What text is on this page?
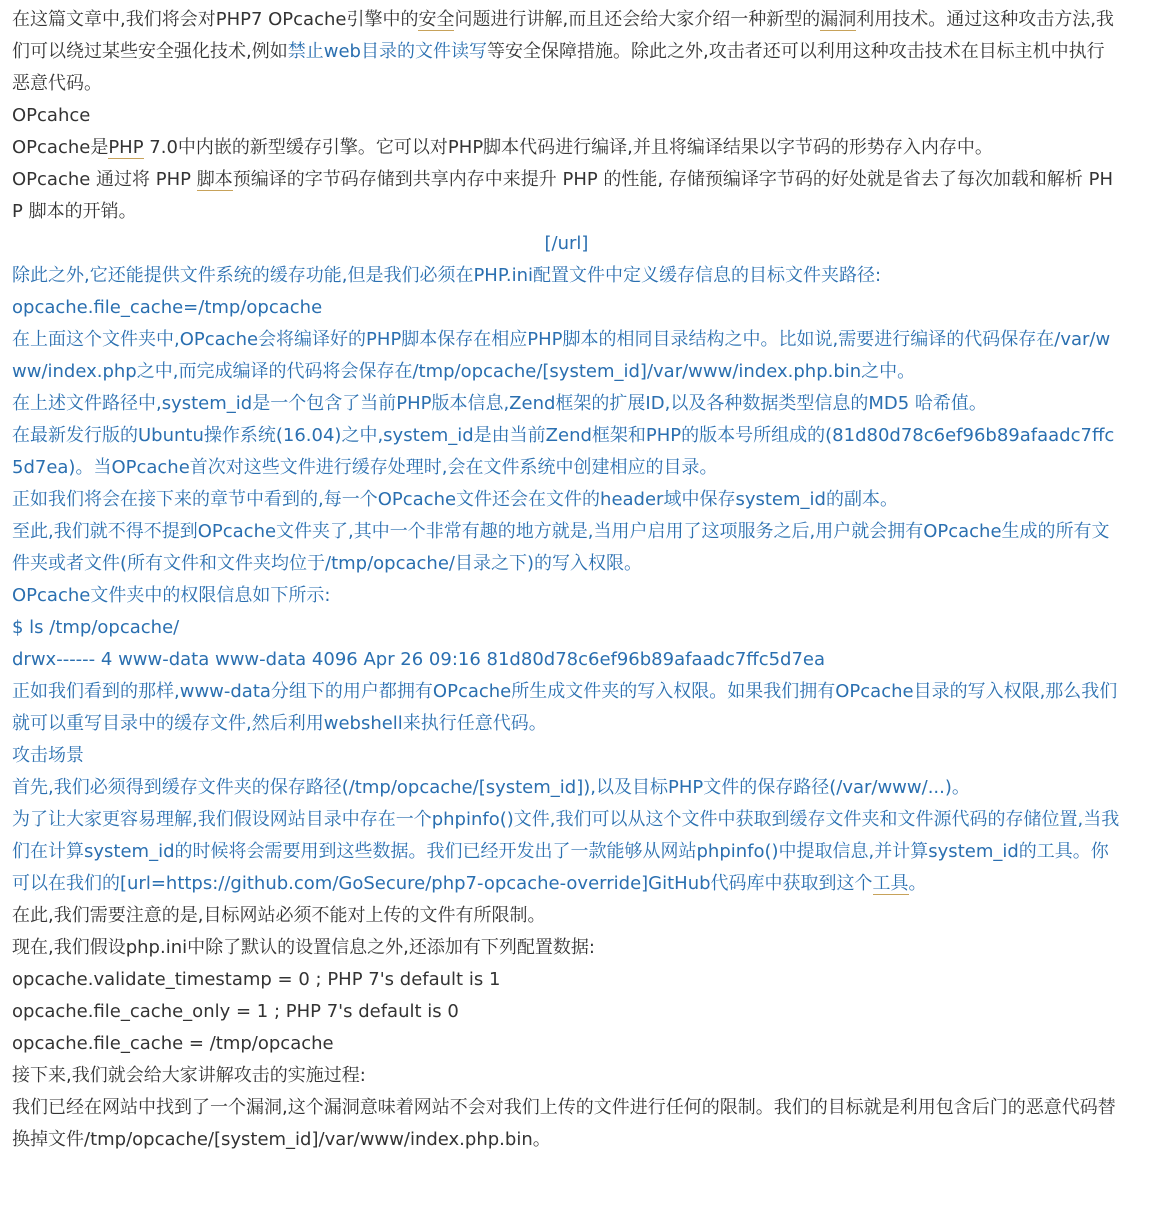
在这篇文章中,我们将会对PHP7 OPcache引擎中的安全问题进行讲解,而且还会给大家介绍一种新型的漏洞利用技术。通过这种攻击方法,我们可以绕过某些安全强化技术,例如禁止web目录的文件读写等安全保障措施。除此之外,攻击者还可以利用这种攻击技术在目标主机中执行恶意代码。

OPcahce

OPcache是PHP 7.0中内嵌的新型缓存引擎。它可以对PHP脚本代码进行编译,并且将编译结果以字节码的形势存入内存中。

OPcache 通过将 PHP 脚本预编译的字节码存储到共享内存中来提升 PHP 的性能, 存储预编译字节码的好处就是省去了每次加载和解析 PHP 脚本的开销。

[/url]

除此之外,它还能提供文件系统的缓存功能,但是我们必须在PHP.ini配置文件中定义缓存信息的目标文件夹路径:

opcache.file_cache=/tmp/opcache

在上面这个文件夹中,OPcache会将编译好的PHP脚本保存在相应PHP脚本的相同目录结构之中。比如说,需要进行编译的代码保存在/var/www/index.php之中,而完成编译的代码将会保存在/tmp/opcache/[system_id]/var/www/index.php.bin之中。

在上述文件路径中,system_id是一个包含了当前PHP版本信息,Zend框架的扩展ID,以及各种数据类型信息的MD5 哈希值。

在最新发行版的Ubuntu操作系统(16.04)之中,system_id是由当前Zend框架和PHP的版本号所组成的(81d80d78c6ef96b89afaadc7ffc5d7ea)。当OPcache首次对这些文件进行缓存处理时,会在文件系统中创建相应的目录。

正如我们将会在接下来的章节中看到的,每一个OPcache文件还会在文件的header域中保存system_id的副本。

至此,我们就不得不提到OPcache文件夹了,其中一个非常有趣的地方就是,当用户启用了这项服务之后,用户就会拥有OPcache生成的所有文件夹或者文件(所有文件和文件夹均位于/tmp/opcache/目录之下)的写入权限。

OPcache文件夹中的权限信息如下所示:

$ ls /tmp/opcache/

drwx------ 4 www-data www-data 4096 Apr 26 09:16 81d80d78c6ef96b89afaadc7ffc5d7ea

正如我们看到的那样,www-data分组下的用户都拥有OPcache所生成文件夹的写入权限。如果我们拥有OPcache目录的写入权限,那么我们就可以重写目录中的缓存文件,然后利用webshell来执行任意代码。

攻击场景

首先,我们必须得到缓存文件夹的保存路径(/tmp/opcache/[system_id]),以及目标PHP文件的保存路径(/var/www/...)。

为了让大家更容易理解,我们假设网站目录中存在一个phpinfo()文件,我们可以从这个文件中获取到缓存文件夹和文件源代码的存储位置,当我们在计算system_id的时候将会需要用到这些数据。我们已经开发出了一款能够从网站phpinfo()中提取信息,并计算system_id的工具。你可以在我们的[url=https://github.com/GoSecure/php7-opcache-override]GitHub代码库中获取到这个工具。

在此,我们需要注意的是,目标网站必须不能对上传的文件有所限制。

现在,我们假设php.ini中除了默认的设置信息之外,还添加有下列配置数据:

opcache.validate_timestamp = 0 ; PHP 7's default is 1

opcache.file_cache_only = 1 ; PHP 7's default is 0

opcache.file_cache = /tmp/opcache

接下来,我们就会给大家讲解攻击的实施过程:

我们已经在网站中找到了一个漏洞,这个漏洞意味着网站不会对我们上传的文件进行任何的限制。我们的目标就是利用包含后门的恶意代码替换掉文件/tmp/opcache/[system_id]/var/www/index.php.bin。
